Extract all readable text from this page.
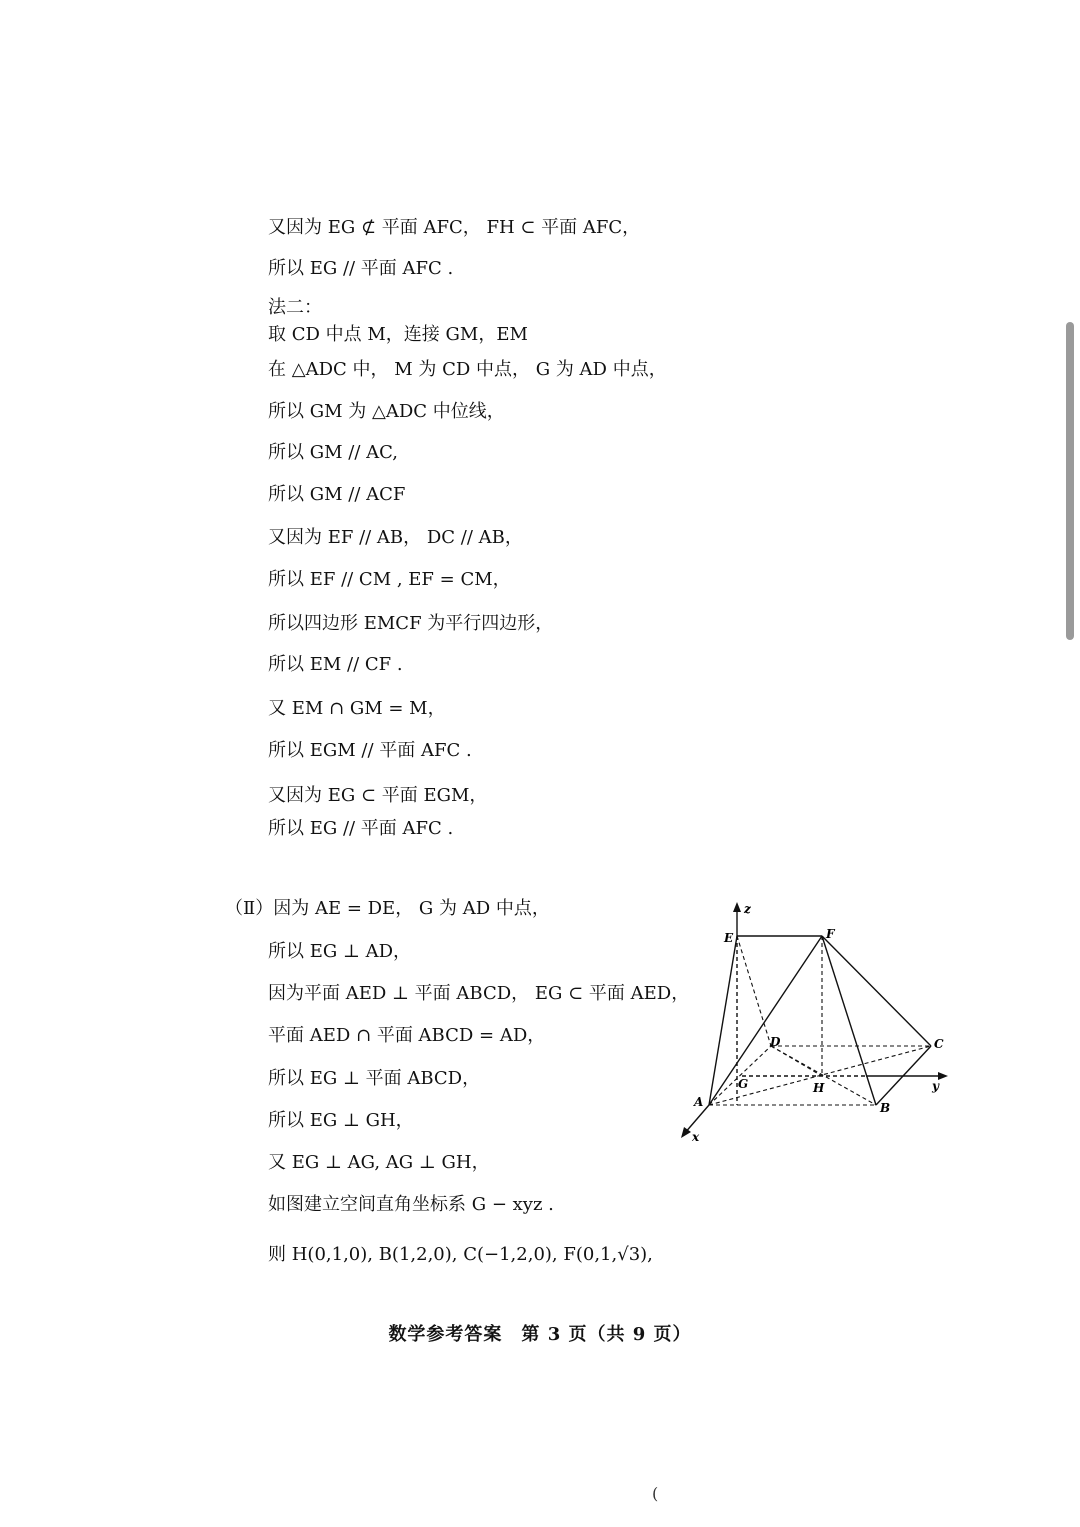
又因为 EG ⊄ 平面 AFC， FH ⊂ 平面 AFC，
所以 EG // 平面 AFC .
法二：
取 CD 中点 M，连接 GM，EM
在 △ADC 中， M 为 CD 中点， G 为 AD 中点，
所以 GM 为 △ADC 中位线，
所以 GM // AC,
所以 GM // ACF
又因为 EF // AB， DC // AB，
所以 EF // CM , EF = CM，
所以四边形 EMCF 为平行四边形，
所以 EM // CF .
又 EM ∩ GM = M，
所以 EGM // 平面 AFC .
又因为 EG ⊂ 平面 EGM，
所以 EG // 平面 AFC .
（Ⅱ）因为 AE = DE， G 为 AD 中点，
所以 EG ⊥ AD，
因为平面 AED ⊥ 平面 ABCD， EG ⊂ 平面 AED，
平面 AED ∩ 平面 ABCD = AD，
所以 EG ⊥ 平面 ABCD，
所以 EG ⊥ GH，
又 EG ⊥ AG, AG ⊥ GH，
如图建立空间直角坐标系 G − xyz .
则 H(0,1,0), B(1,2,0), C(−1,2,0), F(0,1,√3),
z
E	F
D	C
G	H	y
A	B
x
数学参考答案　第 3 页（共 9 页）
(
